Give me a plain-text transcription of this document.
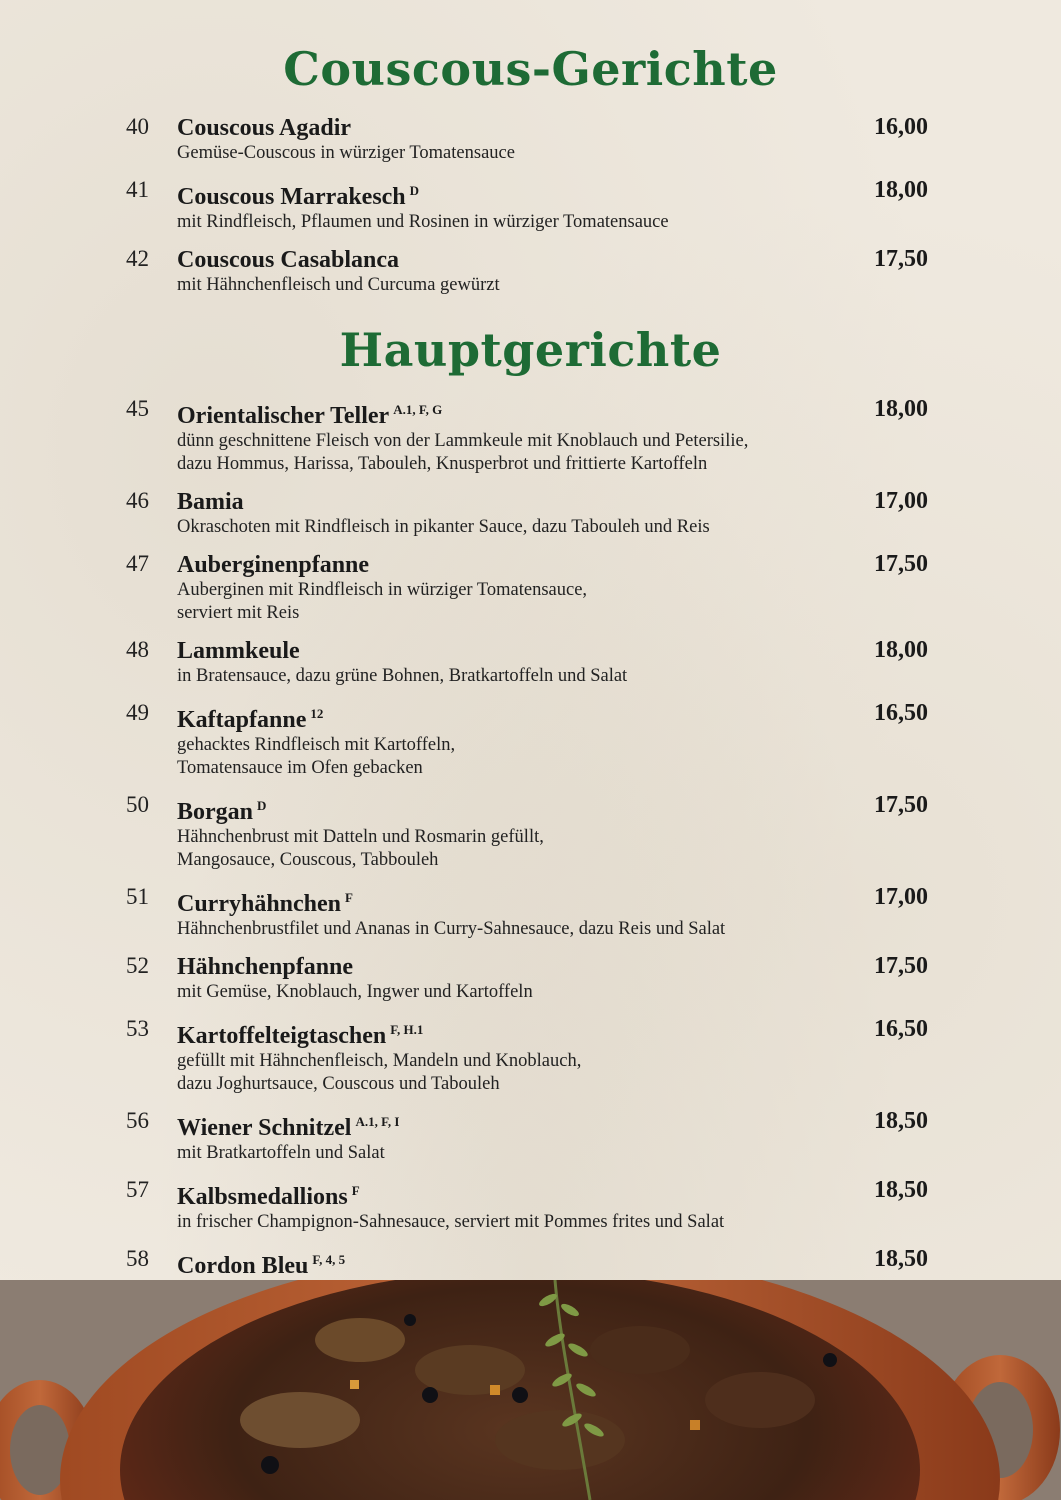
Couscous-Gerichte
40 Couscous Agadir	16,00
Gemüse-Couscous in würziger Tomatensauce
41 Couscous Marrakesch $^D$	18,00
mit Rindfleisch, Pflaumen und Rosinen in würziger Tomatensauce
42 Couscous Casablanca	17,50
mit Hähnchenfleisch und Curcuma gewürzt
Hauptgerichte
45 Orientalischer Teller $^{A.1, F, G}$	18,00
dünn geschnittene Fleisch von der Lammkeule mit Knoblauch und Petersilie,
dazu Hommus, Harissa, Tabouleh, Knusperbrot und frittierte Kartoffeln
46 Bamia	17,00
Okraschoten mit Rindfleisch in pikanter Sauce, dazu Tabouleh und Reis
47 Auberginenpfanne	17,50
Auberginen mit Rindfleisch in würziger Tomatensauce,
serviert mit Reis
48 Lammkeule	18,00
in Bratensauce, dazu grüne Bohnen, Bratkartoffeln und Salat
49 Kaftapfanne $^{12}$	16,50
gehacktes Rindfleisch mit Kartoffeln,
Tomatensauce im Ofen gebacken
50 Borgan $^D$	17,50
Hähnchenbrust mit Datteln und Rosmarin gefüllt,
Mangosauce, Couscous, Tabbouleh
51 Curryhähnchen $^F$	17,00
Hähnchenbrustfilet und Ananas in Curry-Sahnesauce, dazu Reis und Salat
52 Hähnchenpfanne	17,50
mit Gemüse, Knoblauch, Ingwer und Kartoffeln
53 Kartoffelteigtaschen $^{F, H.1}$	16,50
gefüllt mit Hähnchenfleisch, Mandeln und Knoblauch,
dazu Joghurtsauce, Couscous und Tabouleh
56 Wiener Schnitzel $^{A.1, F, I}$	18,50
mit Bratkartoffeln und Salat
57 Kalbsmedallions $^F$	18,50
in frischer Champignon-Sahnesauce, serviert mit Pommes frites und Salat
58 Cordon Bleu $^{F, 4, 5}$	18,50
